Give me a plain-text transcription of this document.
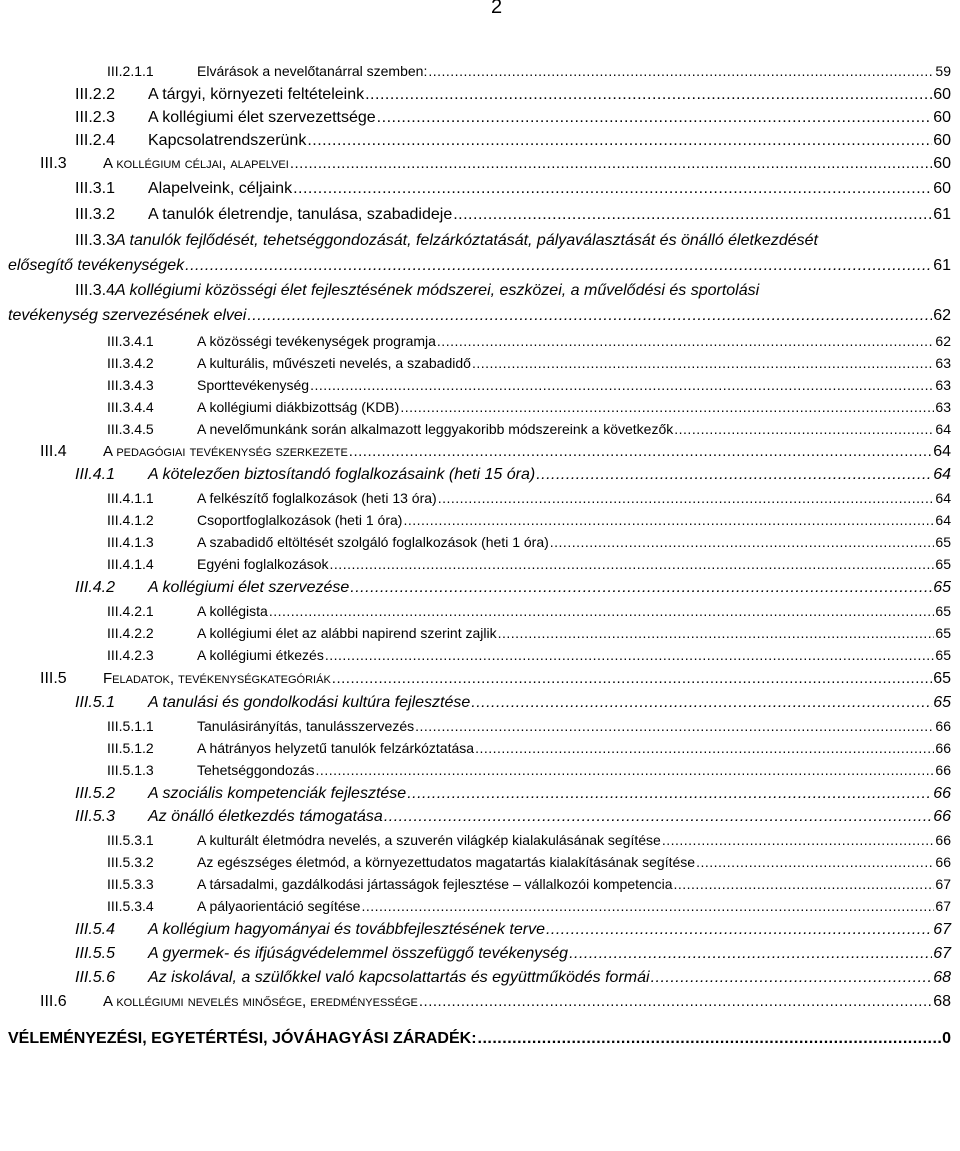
2
III.2.1.1	Elvárások a nevelőtanárral szemben: .....	59
III.2.2	A tárgyi, környezeti feltételeink .....	60
III.2.3	A kollégiumi élet szervezettsége .....	60
III.2.4	Kapcsolatrendszerünk .....	60
III.3	A kollégium céljai, alapelvei .....	60
III.3.1	Alapelveink, céljaink .....	60
III.3.2	A tanulók életrendje, tanulása, szabadideje .....	61
III.3.3A tanulók fejlődését, tehetséggondozását, felzárkóztatását, pályaválasztását és önálló életkezdését
elősegítő tevékenységek .....	61
III.3.4A kollégiumi közösségi élet fejlesztésének módszerei, eszközei, a művelődési és sportolási
tevékenység szervezésének elvei .....	62
III.3.4.1	A közösségi tevékenységek programja .....	62
III.3.4.2	A kulturális, művészeti nevelés, a szabadidő .....	63
III.3.4.3	Sporttevékenység .....	63
III.3.4.4	A kollégiumi diákbizottság (KDB) .....	63
III.3.4.5	A nevelőmunkánk során alkalmazott leggyakoribb módszereink a következők .....	64
III.4	A pedagógiai tevékenység szerkezete .....	64
III.4.1	A kötelezően biztosítandó foglalkozásaink (heti 15 óra) .....	64
III.4.1.1	A felkészítő foglalkozások (heti 13 óra) .....	64
III.4.1.2	Csoportfoglalkozások (heti 1 óra) .....	64
III.4.1.3	A szabadidő eltöltését szolgáló foglalkozások (heti 1 óra) .....	65
III.4.1.4	Egyéni foglalkozások .....	65
III.4.2	A kollégiumi élet szervezése .....	65
III.4.2.1	A kollégista .....	65
III.4.2.2	A kollégiumi élet az alábbi napirend szerint zajlik .....	65
III.4.2.3	A kollégiumi étkezés .....	65
III.5	Feladatok, tevékenységkategóriák .....	65
III.5.1	A tanulási és gondolkodási kultúra fejlesztése .....	65
III.5.1.1	Tanulásirányítás, tanulásszervezés .....	66
III.5.1.2	A hátrányos helyzetű tanulók felzárkóztatása .....	66
III.5.1.3	Tehetséggondozás .....	66
III.5.2	A szociális kompetenciák fejlesztése .....	66
III.5.3	Az önálló életkezdés támogatása .....	66
III.5.3.1	A kulturált életmódra nevelés, a szuverén világkép kialakulásának segítése .....	66
III.5.3.2	Az egészséges életmód, a környezettudatos magatartás kialakításának segítése .....	66
III.5.3.3	A társadalmi, gazdálkodási jártasságok fejlesztése – vállalkozói kompetencia .....	67
III.5.3.4	A pályaorientáció segítése .....	67
III.5.4	A kollégium hagyományai és továbbfejlesztésének terve .....	67
III.5.5	A gyermek- és ifjúságvédelemmel összefüggő tevékenység .....	67
III.5.6	Az iskolával, a szülőkkel való kapcsolattartás és együttműködés formái .....	68
III.6	A kollégiumi nevelés minősége, eredményessége .....	68
VÉLEMÉNYEZÉSI, EGYETÉRTÉSI, JÓVÁHAGYÁSI ZÁRADÉK: .....	0
